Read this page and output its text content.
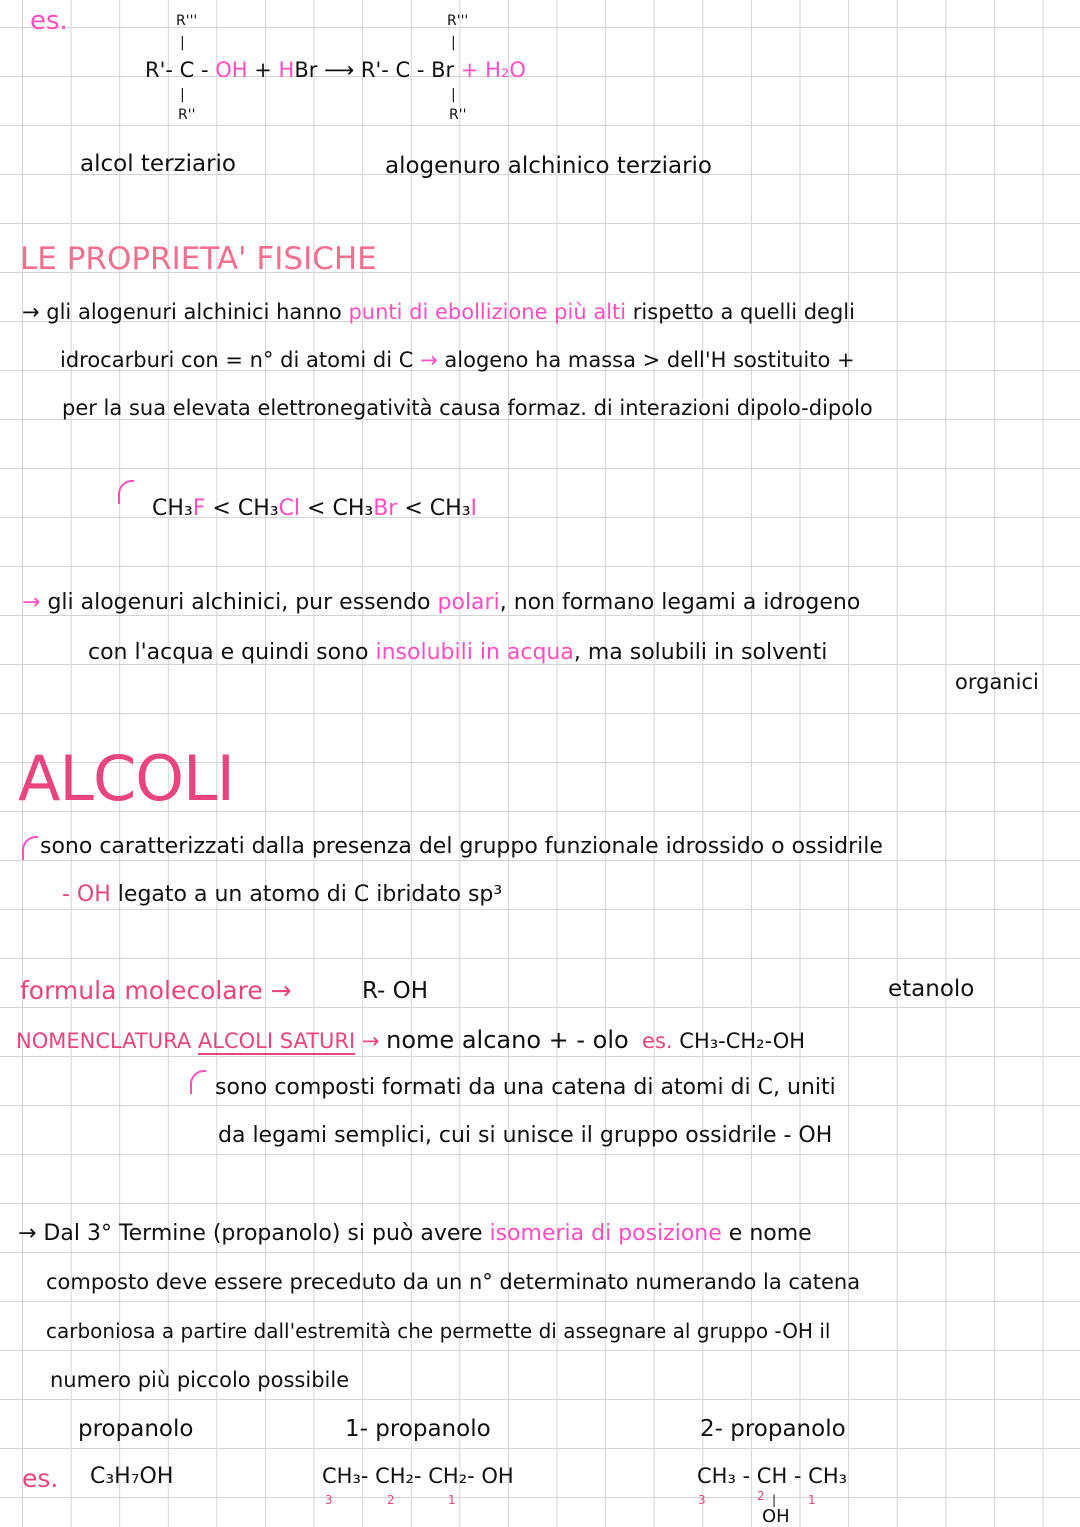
es.	R'''
|
R'- C - OH + HBr ⟶ R'- C - Br + H₂O
|
R''
R'''
|
|
R''
alcol terziario	alogenuro alchinico terziario
LE PROPRIETA' FISICHE
→ gli alogenuri alchinici hanno punti di ebollizione più alti rispetto a quelli degli
idrocarburi con = n° di atomi di C → alogeno ha massa > dell'H sostituito +
per la sua elevata elettronegatività causa formaz. di interazioni dipolo-dipolo
CH₃F < CH₃Cl < CH₃Br < CH₃I
→ gli alogenuri alchinici, pur essendo polari, non formano legami a idrogeno
con l'acqua e quindi sono insolubili in acqua, ma solubili in solventi
organici
ALCOLI
sono caratterizzati dalla presenza del gruppo funzionale idrossido o ossidrile
- OH legato a un atomo di C ibridato sp³
formula molecolare →	R- OH	etanolo
NOMENCLATURA ALCOLI SATURI → nome alcano + - olo es. CH₃-CH₂-OH
sono composti formati da una catena di atomi di C, uniti
da legami semplici, cui si unisce il gruppo ossidrile - OH
→ Dal 3° Termine (propanolo) si può avere isomeria di posizione e nome
composto deve essere preceduto da un n° determinato numerando la catena
carboniosa a partire dall'estremità che permette di assegnare al gruppo -OH il
numero più piccolo possibile
propanolo	1- propanolo	2- propanolo
es. C₃H₇OH	CH₃- CH₂- CH₂- OH
3	2	1
CH₃ - CH - CH₃
3	2	1
|
OH
